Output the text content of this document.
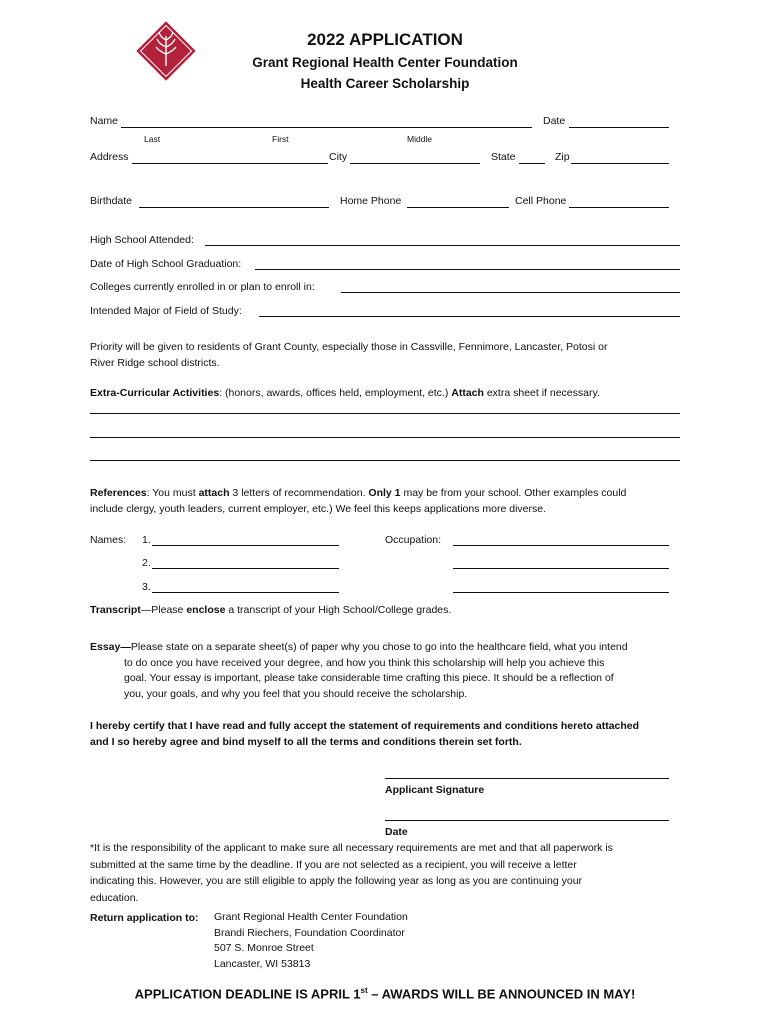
2022 APPLICATION
Grant Regional Health Center Foundation
Health Career Scholarship
Name	Date
Last	First	Middle
Address	City	State	Zip
Birthdate	Home Phone	Cell Phone
High School Attended:
Date of High School Graduation:
Colleges currently enrolled in or plan to enroll in:
Intended Major of Field of Study:
Priority will be given to residents of Grant County, especially those in Cassville, Fennimore, Lancaster, Potosi or
River Ridge school districts.
Extra-Curricular Activities: (honors, awards, offices held, employment, etc.) Attach extra sheet if necessary.
References: You must attach 3 letters of recommendation. Only 1 may be from your school. Other examples could
include clergy, youth leaders, current employer, etc.) We feel this keeps applications more diverse.
Names: 1.	Occupation:
2.
3.
Transcript—Please enclose a transcript of your High School/College grades.
Essay—Please state on a separate sheet(s) of paper why you chose to go into the healthcare field, what you intend
to do once you have received your degree, and how you think this scholarship will help you achieve this
goal. Your essay is important, please take considerable time crafting this piece. It should be a reflection of
you, your goals, and why you feel that you should receive the scholarship.
I hereby certify that I have read and fully accept the statement of requirements and conditions hereto attached
and I so hereby agree and bind myself to all the terms and conditions therein set forth.
Applicant Signature
Date
*It is the responsibility of the applicant to make sure all necessary requirements are met and that all paperwork is
submitted at the same time by the deadline. If you are not selected as a recipient, you will receive a letter
indicating this. However, you are still eligible to apply the following year as long as you are continuing your
education.
Return application to: Grant Regional Health Center Foundation
Brandi Riechers, Foundation Coordinator
507 S. Monroe Street
Lancaster, WI 53813
APPLICATION DEADLINE IS APRIL 1st – AWARDS WILL BE ANNOUNCED IN MAY!
